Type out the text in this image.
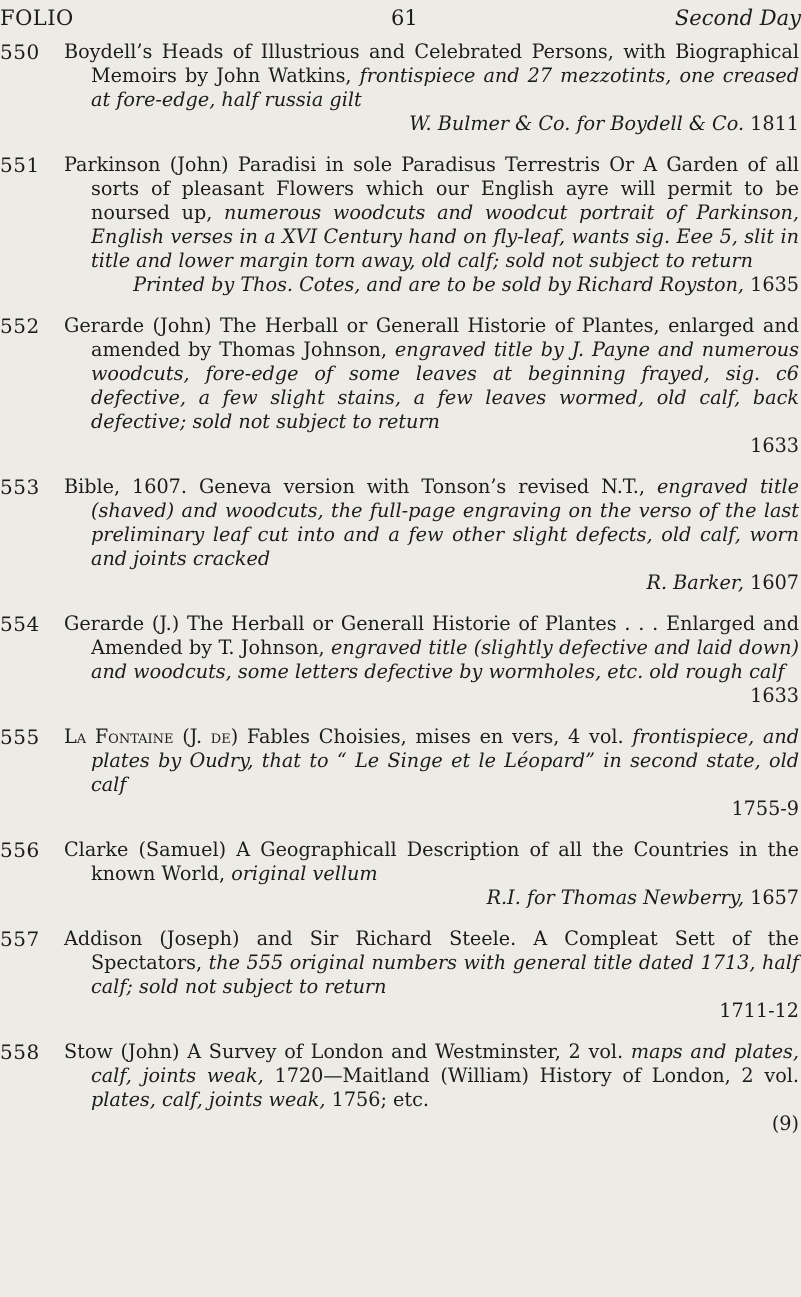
FOLIO	61	Second Day
550 Boydell’s Heads of Illustrious and Celebrated Persons, with Biographical Memoirs by John Watkins, frontispiece and 27 mezzotints, one creased at fore-edge, half russia gilt
W. Bulmer & Co. for Boydell & Co. 1811
551 Parkinson (John) Paradisi in sole Paradisus Terrestris Or A Garden of all sorts of pleasant Flowers which our English ayre will permit to be noursed up, numerous woodcuts and woodcut portrait of Parkinson, English verses in a XVI Century hand on fly-leaf, wants sig. Eee 5, slit in title and lower margin torn away, old calf; sold not subject to return
Printed by Thos. Cotes, and are to be sold by Richard Royston, 1635
552 Gerarde (John) The Herball or Generall Historie of Plantes, enlarged and amended by Thomas Johnson, engraved title by J. Payne and numerous woodcuts, fore-edge of some leaves at beginning frayed, sig. c6 defective, a few slight stains, a few leaves wormed, old calf, back defective; sold not subject to return
1633
553 Bible, 1607. Geneva version with Tonson’s revised N.T., engraved title (shaved) and woodcuts, the full-page engraving on the verso of the last preliminary leaf cut into and a few other slight defects, old calf, worn and joints cracked
R. Barker, 1607
554 Gerarde (J.) The Herball or Generall Historie of Plantes . . . Enlarged and Amended by T. Johnson, engraved title (slightly defective and laid down) and woodcuts, some letters defective by wormholes, etc. old rough calf
1633
555 La Fontaine (J. de) Fables Choisies, mises en vers, 4 vol. frontispiece, and plates by Oudry, that to “ Le Singe et le Léopard” in second state, old calf
1755-9
556 Clarke (Samuel) A Geographicall Description of all the Countries in the known World, original vellum
R.I. for Thomas Newberry, 1657
557 Addison (Joseph) and Sir Richard Steele. A Compleat Sett of the Spectators, the 555 original numbers with general title dated 1713, half calf; sold not subject to return
1711-12
558 Stow (John) A Survey of London and Westminster, 2 vol. maps and plates, calf, joints weak, 1720—Maitland (William) History of London, 2 vol. plates, calf, joints weak, 1756; etc.
(9)
